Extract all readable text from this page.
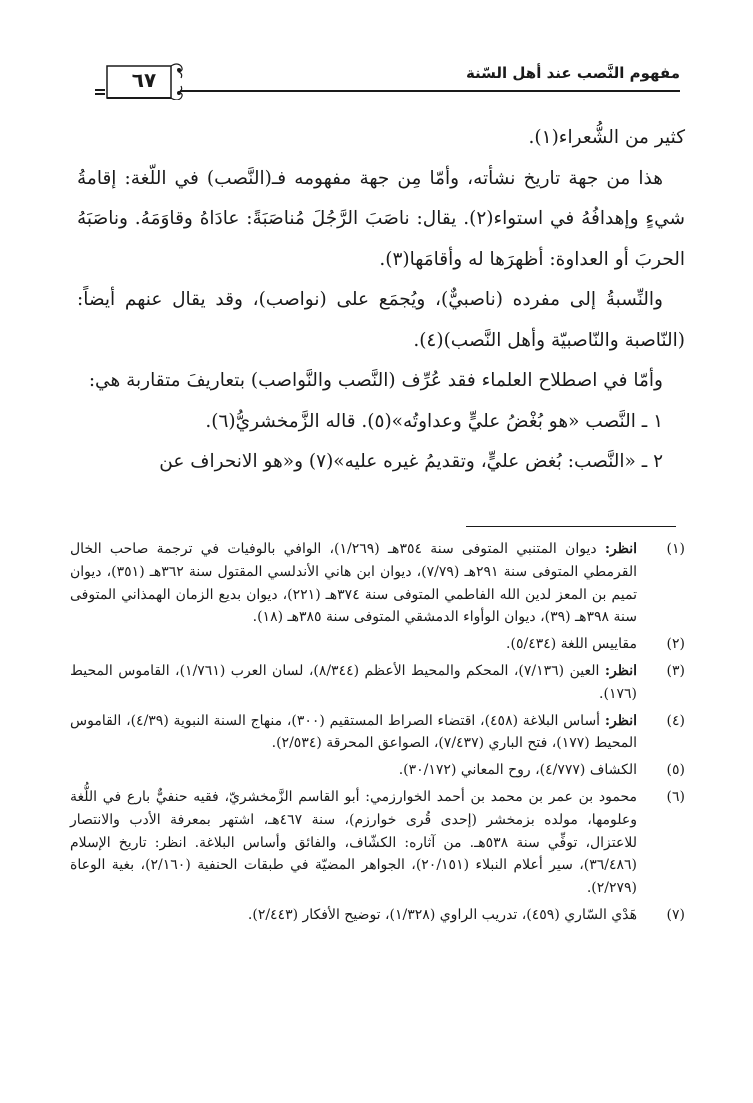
٦٧	مفهوم النَّصب عند أهل السّنة

كثير من الشُّعراء(١).

هذا من جهة تاريخ نشأته، وأمّا مِن جهة مفهومه فـ(النَّصب) في اللّغة: إقامةُ شيءٍ وإهدافُهُ في استواء(٢). يقال: ناصَبَ الرَّجُلَ مُناصَبَةً: عادَاهُ وقاوَمَهُ. وناصَبَهُ الحربَ أو العداوة: أظهرَها له وأقامَها(٣).

والنِّسبةُ إلى مفرده (ناصبيٌّ)، ويُجمَع على (نواصب)، وقد يقال عنهم أيضاً: (النّاصبة والنّاصبيّة وأهل النَّصب)(٤).

وأمّا في اصطلاح العلماء فقد عُرِّف (النَّصب والنَّواصب) بتعاريفَ متقاربة هي:

١ ـ النَّصب «هو بُغْضُ عليٍّ وعداوتُه»(٥). قاله الزَّمخشريُّ(٦).

٢ ـ «النَّصب: بُغض عليٍّ، وتقديمُ غيره عليه»(٧) و«هو الانحراف عن

(١)
انظر: ديوان المتنبي المتوفى سنة ٣٥٤هـ (١/٢٦٩)، الوافي بالوفيات في ترجمة صاحب الخال القرمطي المتوفى سنة ٢٩١هـ (٧/٧٩)، ديوان ابن هاني الأندلسي المقتول سنة ٣٦٢هـ (٣٥١)، ديوان تميم بن المعز لدين الله الفاطمي المتوفى سنة ٣٧٤هـ (٢٢١)، ديوان بديع الزمان الهمذاني المتوفى سنة ٣٩٨هـ (٣٩)، ديوان الوأواء الدمشقي المتوفى سنة ٣٨٥هـ (١٨).
(٢)
مقاييس اللغة (٥/٤٣٤).
(٣)
انظر: العين (٧/١٣٦)، المحكم والمحيط الأعظم (٨/٣٤٤)، لسان العرب (١/٧٦١)، القاموس المحيط (١٧٦).
(٤)
انظر: أساس البلاغة (٤٥٨)، اقتضاء الصراط المستقيم (٣٠٠)، منهاج السنة النبوية (٤/٣٩)، القاموس المحيط (١٧٧)، فتح الباري (٧/٤٣٧)، الصواعق المحرقة (٢/٥٣٤).
(٥)
الكشاف (٤/٧٧٧)، روح المعاني (٣٠/١٧٢).
(٦)
محمود بن عمر بن محمد بن أحمد الخوارزمي: أبو القاسم الزَّمخشريّ، فقيه حنفيٌّ بارع في اللُّغة وعلومها، مولده بزمخشر (إحدى قُرى خوارزم)، سنة ٤٦٧هـ، اشتهر بمعرفة الأدب والانتصار للاعتزال، توفِّي سنة ٥٣٨هـ. من آثاره: الكشّاف، والفائق وأساس البلاغة. انظر: تاريخ الإسلام (٣٦/٤٨٦)، سير أعلام النبلاء (٢٠/١٥١)، الجواهر المضيّة في طبقات الحنفية (٢/١٦٠)، بغية الوعاة (٢/٢٧٩).
(٧)
هَدْي السّاري (٤٥٩)، تدريب الراوي (١/٣٢٨)، توضيح الأفكار (٢/٤٤٣).
